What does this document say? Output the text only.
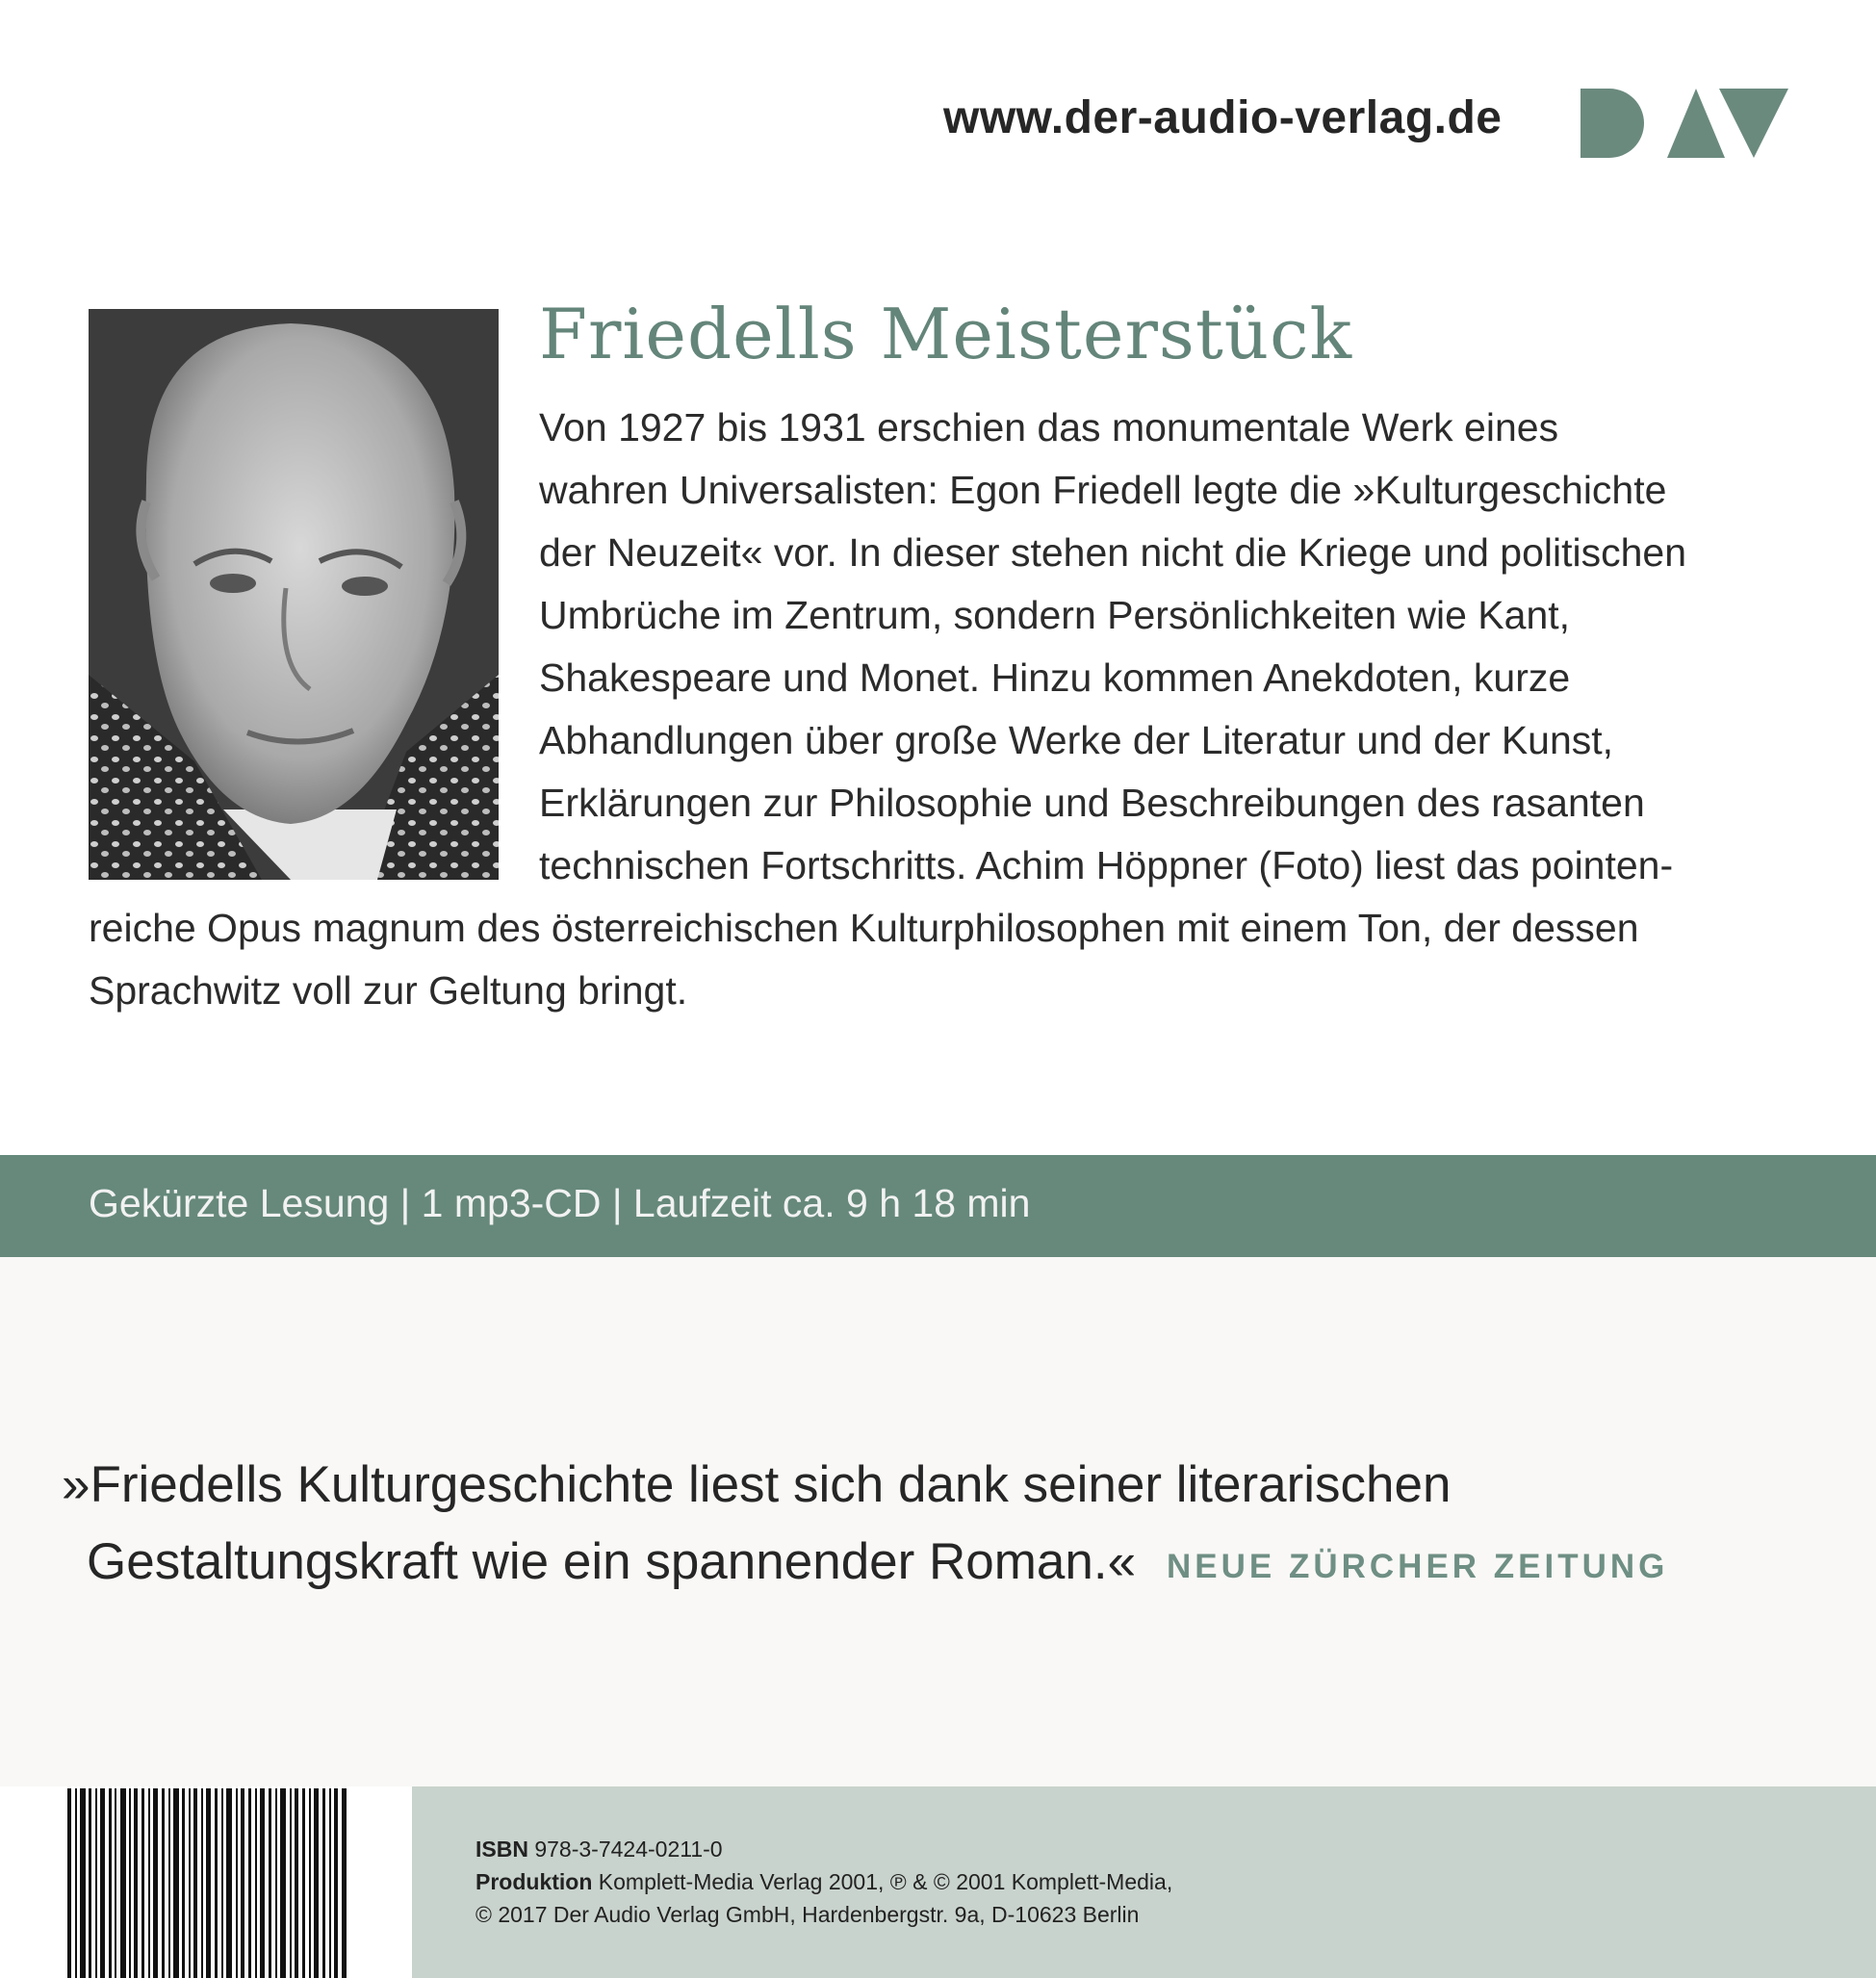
www.der-audio-verlag.de
Friedells Meisterstück
Von 1927 bis 1931 erschien das monumentale Werk eines
wahren Universalisten: Egon Friedell legte die »Kulturgeschichte
der Neuzeit« vor. In dieser stehen nicht die Kriege und politischen
Umbrüche im Zentrum, sondern Persönlichkeiten wie Kant,
Shakespeare und Monet. Hinzu kommen Anekdoten, kurze
Abhandlungen über große Werke der Literatur und der Kunst,
Erklärungen zur Philosophie und Beschreibungen des rasanten
technischen Fortschritts. Achim Höppner (Foto) liest das pointen-
reiche Opus magnum des österreichischen Kulturphilosophen mit einem Ton, der dessen
Sprachwitz voll zur Geltung bringt.
Gekürzte Lesung | 1 mp3-CD | Laufzeit ca. 9 h 18 min
»Friedells Kulturgeschichte liest sich dank seiner literarischen
Gestaltungskraft wie ein spannender Roman.« NEUE ZÜRCHER ZEITUNG
ISBN 978-3-7424-0211-0
Produktion Komplett-Media Verlag 2001, ℗ & © 2001 Komplett-Media,
© 2017 Der Audio Verlag GmbH, Hardenbergstr. 9a, D-10623 Berlin
